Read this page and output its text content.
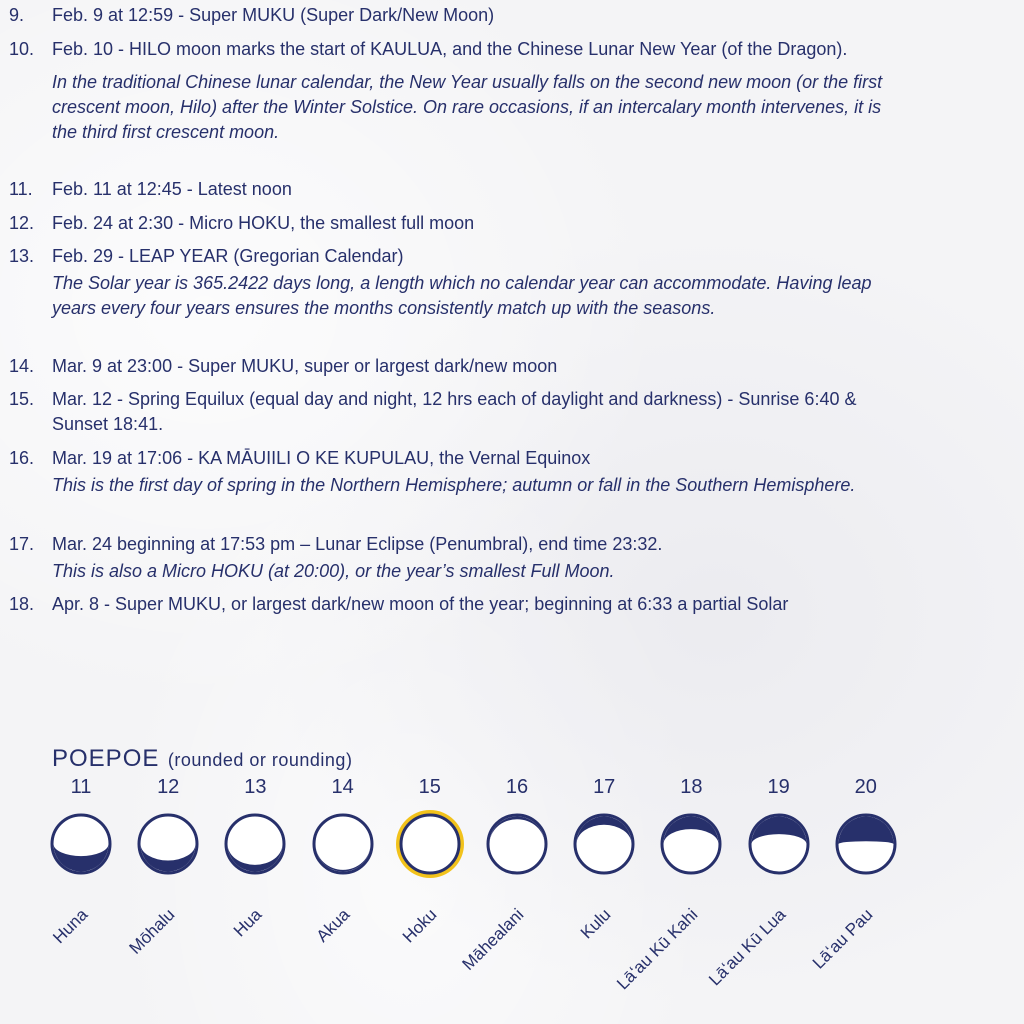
9. Feb. 9 at 12:59 - Super MUKU (Super Dark/New Moon)
10. Feb. 10 - HILO moon marks the start of KAULUA, and the Chinese Lunar New Year (of the Dragon).
In the traditional Chinese lunar calendar, the New Year usually falls on the second new moon (or the first crescent moon, Hilo) after the Winter Solstice. On rare occasions, if an intercalary month intervenes, it is the third first crescent moon.
11. Feb. 11 at 12:45 - Latest noon
12. Feb. 24 at 2:30 - Micro HOKU, the smallest full moon
13. Feb. 29 - LEAP YEAR (Gregorian Calendar)
The Solar year is 365.2422 days long, a length which no calendar year can accommodate. Having leap years every four years ensures the months consistently match up with the seasons.
14. Mar. 9 at 23:00 - Super MUKU, super or largest dark/new moon
15. Mar. 12 - Spring Equilux (equal day and night, 12 hrs each of daylight and darkness) - Sunrise 6:40 & Sunset 18:41.
16. Mar. 19 at 17:06 - KA MĀUIILI O KE KUPULAU, the Vernal Equinox
This is the first day of spring in the Northern Hemisphere; autumn or fall in the Southern Hemisphere.
17. Mar. 24 beginning at 17:53 pm – Lunar Eclipse (Penumbral), end time 23:32.
This is also a Micro HOKU (at 20:00), or the year’s smallest Full Moon.
18. Apr. 8 - Super MUKU, or largest dark/new moon of the year; beginning at 6:33 a partial Solar
POEPOE (rounded or rounding)
11
Huna
12
Mōhalu
13
Hua
14
Akua
15
Hoku
16
Māhealani
17
Kulu
18
Lāʻau Kū Kahi
19
Lāʻau Kū Lua
20
Lāʻau Pau
